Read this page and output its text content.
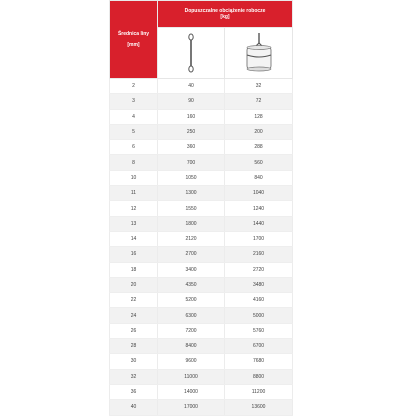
Średnica liny
[mm]	Dopuszczalne obciążenie robocze
[kg]	

2	40	32
3	90	72
4	160	128
5	250	200
6	360	288
8	700	560
10	1050	840
11	1300	1040
12	1550	1240
13	1800	1440
14	2120	1700
16	2700	2160
18	3400	2720
20	4350	3480
22	5200	4160
24	6300	5000
26	7200	5760
28	8400	6700
30	9600	7680
32	11000	8800
36	14000	11200
40	17000	13600
